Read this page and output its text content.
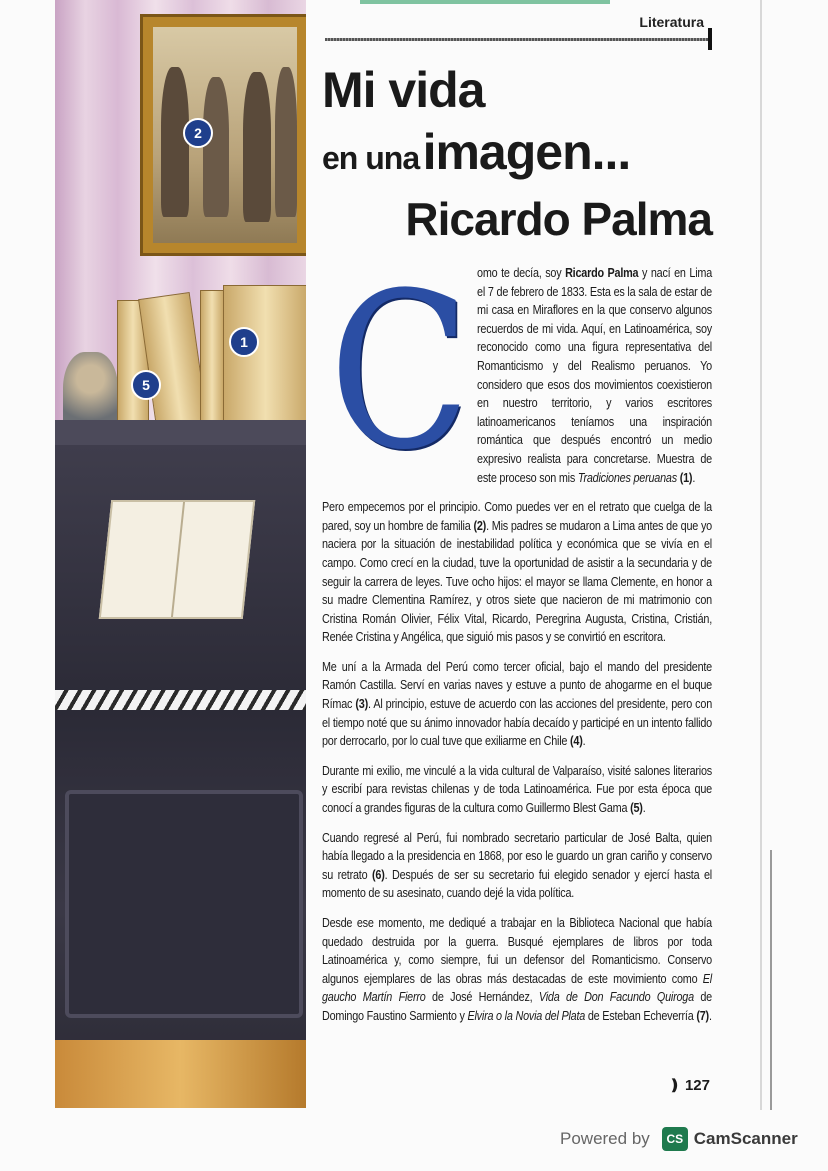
2
1
5
Literatura
Mi vida
en una imagen...
Ricardo Palma

Como te decía, soy Ricardo Palma y nací en Lima el 7 de febrero de 1833. Esta es la sala de estar de mi casa en Miraflores en la que conservo algunos recuerdos de mi vida. Aquí, en Latinoamérica, soy reconocido como una figura representativa del Romanticismo y del Realismo peruanos. Yo considero que esos dos movimientos coexistieron en nuestro territorio, y varios escritores latinoamericanos teníamos una inspiración romántica que después encontró un medio expresivo realista para concretarse. Muestra de este proceso son mis Tradiciones peruanas (1).

Pero empecemos por el principio. Como puedes ver en el retrato que cuelga de la pared, soy un hombre de familia (2). Mis padres se mudaron a Lima antes de que yo naciera por la situación de inestabilidad política y económica que se vivía en el campo. Como crecí en la ciudad, tuve la oportunidad de asistir a la secundaria y de seguir la carrera de leyes. Tuve ocho hijos: el mayor se llama Clemente, en honor a su madre Clementina Ramírez, y otros siete que nacieron de mi matrimonio con Cristina Román Olivier, Félix Vital, Ricardo, Peregrina Augusta, Cristina, Cristián, Renée Cristina y Angélica, que siguió mis pasos y se convirtió en escritora.

Me uní a la Armada del Perú como tercer oficial, bajo el mando del presidente Ramón Castilla. Serví en varias naves y estuve a punto de ahogarme en el buque Rímac (3). Al principio, estuve de acuerdo con las acciones del presidente, pero con el tiempo noté que su ánimo innovador había decaído y participé en un intento fallido por derrocarlo, por lo cual tuve que exiliarme en Chile (4).

Durante mi exilio, me vinculé a la vida cultural de Valparaíso, visité salones literarios y escribí para revistas chilenas y de toda Latinoamérica. Fue por esta época que conocí a grandes figuras de la cultura como Guillermo Blest Gama (5).

Cuando regresé al Perú, fui nombrado secretario particular de José Balta, quien había llegado a la presidencia en 1868, por eso le guardo un gran cariño y conservo su retrato (6). Después de ser su secretario fui elegido senador y ejercí hasta el momento de su asesinato, cuando dejé la vida política.

Desde ese momento, me dediqué a trabajar en la Biblioteca Nacional que había quedado destruida por la guerra. Busqué ejemplares de libros por toda Latinoamérica y, como siempre, fui un defensor del Romanticismo. Conservo algunos ejemplares de las obras más destacadas de este movimiento como El gaucho Martín Fierro de José Hernández, Vida de Don Facundo Quiroga de Domingo Faustino Sarmiento y Elvira o la Novia del Plata de Esteban Echeverría (7).

❫ 127
Powered by	CS CamScanner
